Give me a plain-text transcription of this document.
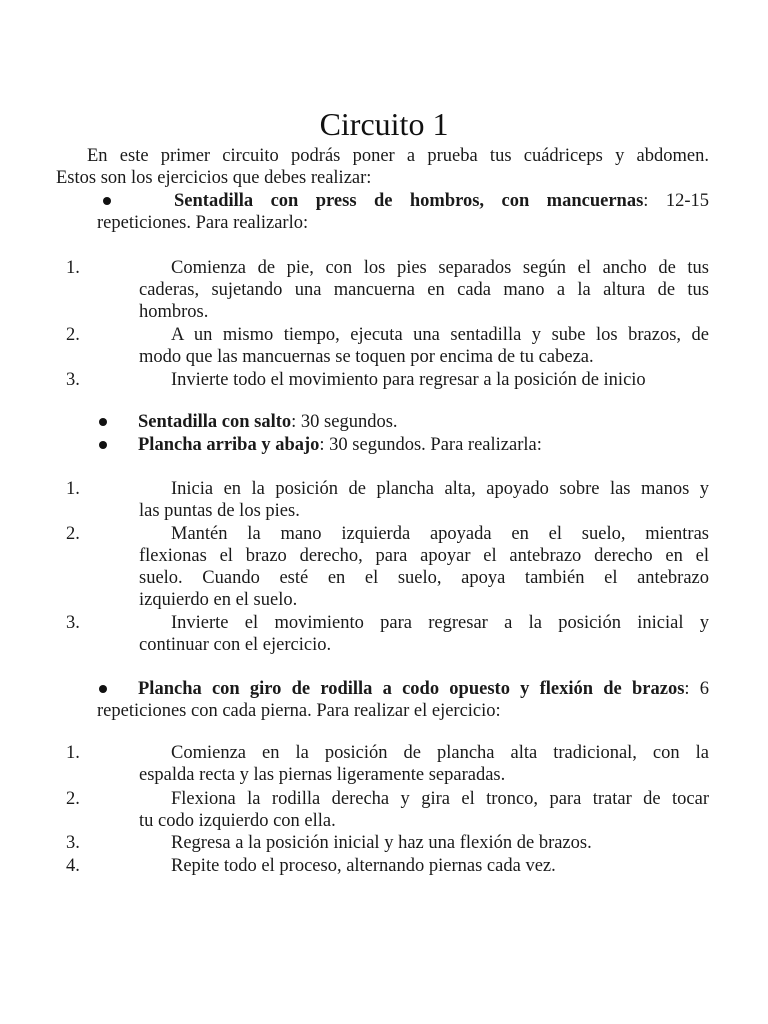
Circuito 1
En este primer circuito podrás poner a prueba tus cuádriceps y abdomen.
Estos son los ejercicios que debes realizar:
Sentadilla con press de hombros, con mancuernas: 12-15
repeticiones. Para realizarlo:
1.	Comienza de pie, con los pies separados según el ancho de tus
caderas, sujetando una mancuerna en cada mano a la altura de tus
hombros.
2.	A un mismo tiempo, ejecuta una sentadilla y sube los brazos, de
modo que las mancuernas se toquen por encima de tu cabeza.
3.	Invierte todo el movimiento para regresar a la posición de inicio
Sentadilla con salto: 30 segundos.
Plancha arriba y abajo: 30 segundos. Para realizarla:
1.	Inicia en la posición de plancha alta, apoyado sobre las manos y
las puntas de los pies.
2.	Mantén la mano izquierda apoyada en el suelo, mientras
flexionas el brazo derecho, para apoyar el antebrazo derecho en el
suelo. Cuando esté en el suelo, apoya también el antebrazo
izquierdo en el suelo.
3.	Invierte el movimiento para regresar a la posición inicial y
continuar con el ejercicio.
Plancha con giro de rodilla a codo opuesto y flexión de brazos: 6
repeticiones con cada pierna. Para realizar el ejercicio:
1.	Comienza en la posición de plancha alta tradicional, con la
espalda recta y las piernas ligeramente separadas.
2.	Flexiona la rodilla derecha y gira el tronco, para tratar de tocar
tu codo izquierdo con ella.
3.	Regresa a la posición inicial y haz una flexión de brazos.
4.	Repite todo el proceso, alternando piernas cada vez.
